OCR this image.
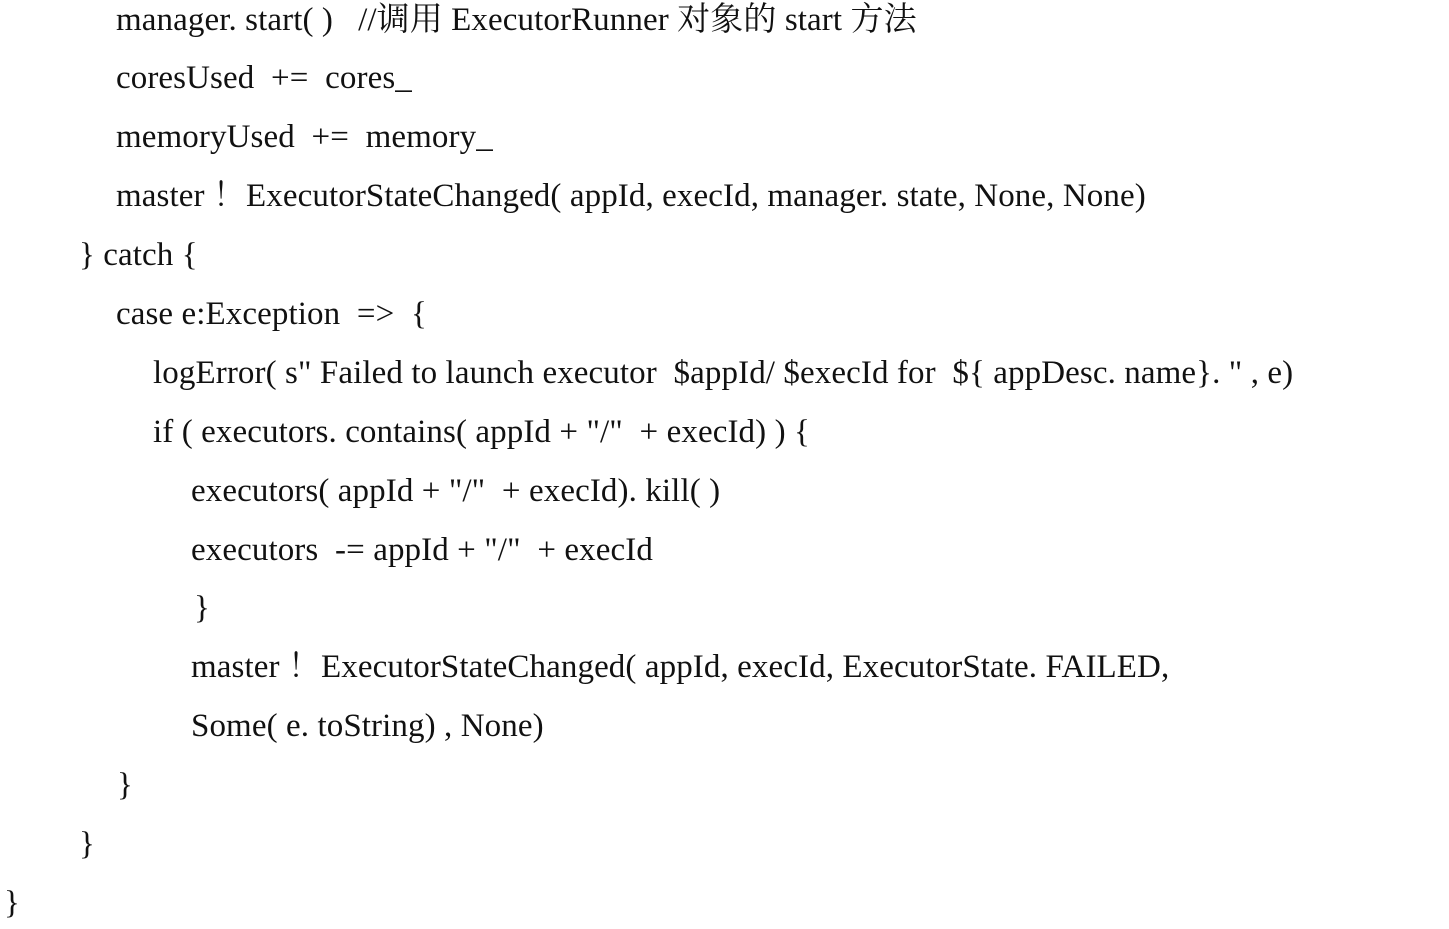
manager. start( )   //调用 ExecutorRunner 对象的 start 方法
coresUsed  +=  cores_
memoryUsed  +=  memory_
master ！ExecutorStateChanged( appId, execId, manager. state, None, None)
} catch {
case e:Exception  =>  {
logError( s" Failed to launch executor  $appId/ $execId for  ${ appDesc. name}. " , e)
if ( executors. contains( appId + "/"  + execId) ) {
executors( appId + "/"  + execId). kill( )
executors  -= appId + "/"  + execId
}
master ！ExecutorStateChanged( appId, execId, ExecutorState. FAILED,
Some( e. toString) , None)
}
}
}
